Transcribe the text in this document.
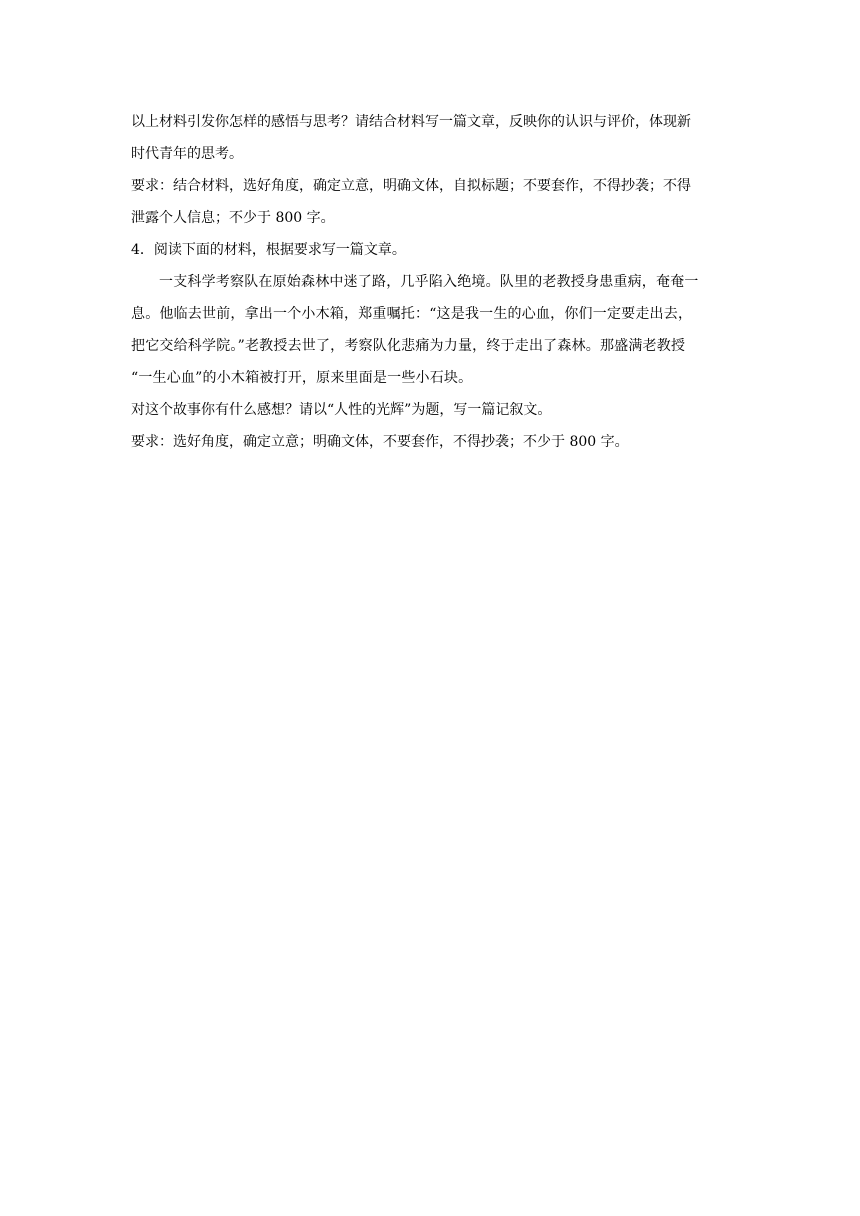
以上材料引发你怎样的感悟与思考？请结合材料写一篇文章，反映你的认识与评价，体现新
时代青年的思考。
要求：结合材料，选好角度，确定立意，明确文体，自拟标题；不要套作，不得抄袭；不得
泄露个人信息；不少于 800 字。
4．阅读下面的材料，根据要求写一篇文章。
一支科学考察队在原始森林中迷了路，几乎陷入绝境。队里的老教授身患重病，奄奄一
息。他临去世前，拿出一个小木箱，郑重嘱托：“这是我一生的心血，你们一定要走出去，
把它交给科学院。”老教授去世了，考察队化悲痛为力量，终于走出了森林。那盛满老教授
“一生心血”的小木箱被打开，原来里面是一些小石块。
对这个故事你有什么感想？请以“人性的光辉”为题，写一篇记叙文。
要求：选好角度，确定立意；明确文体，不要套作，不得抄袭；不少于 800 字。
